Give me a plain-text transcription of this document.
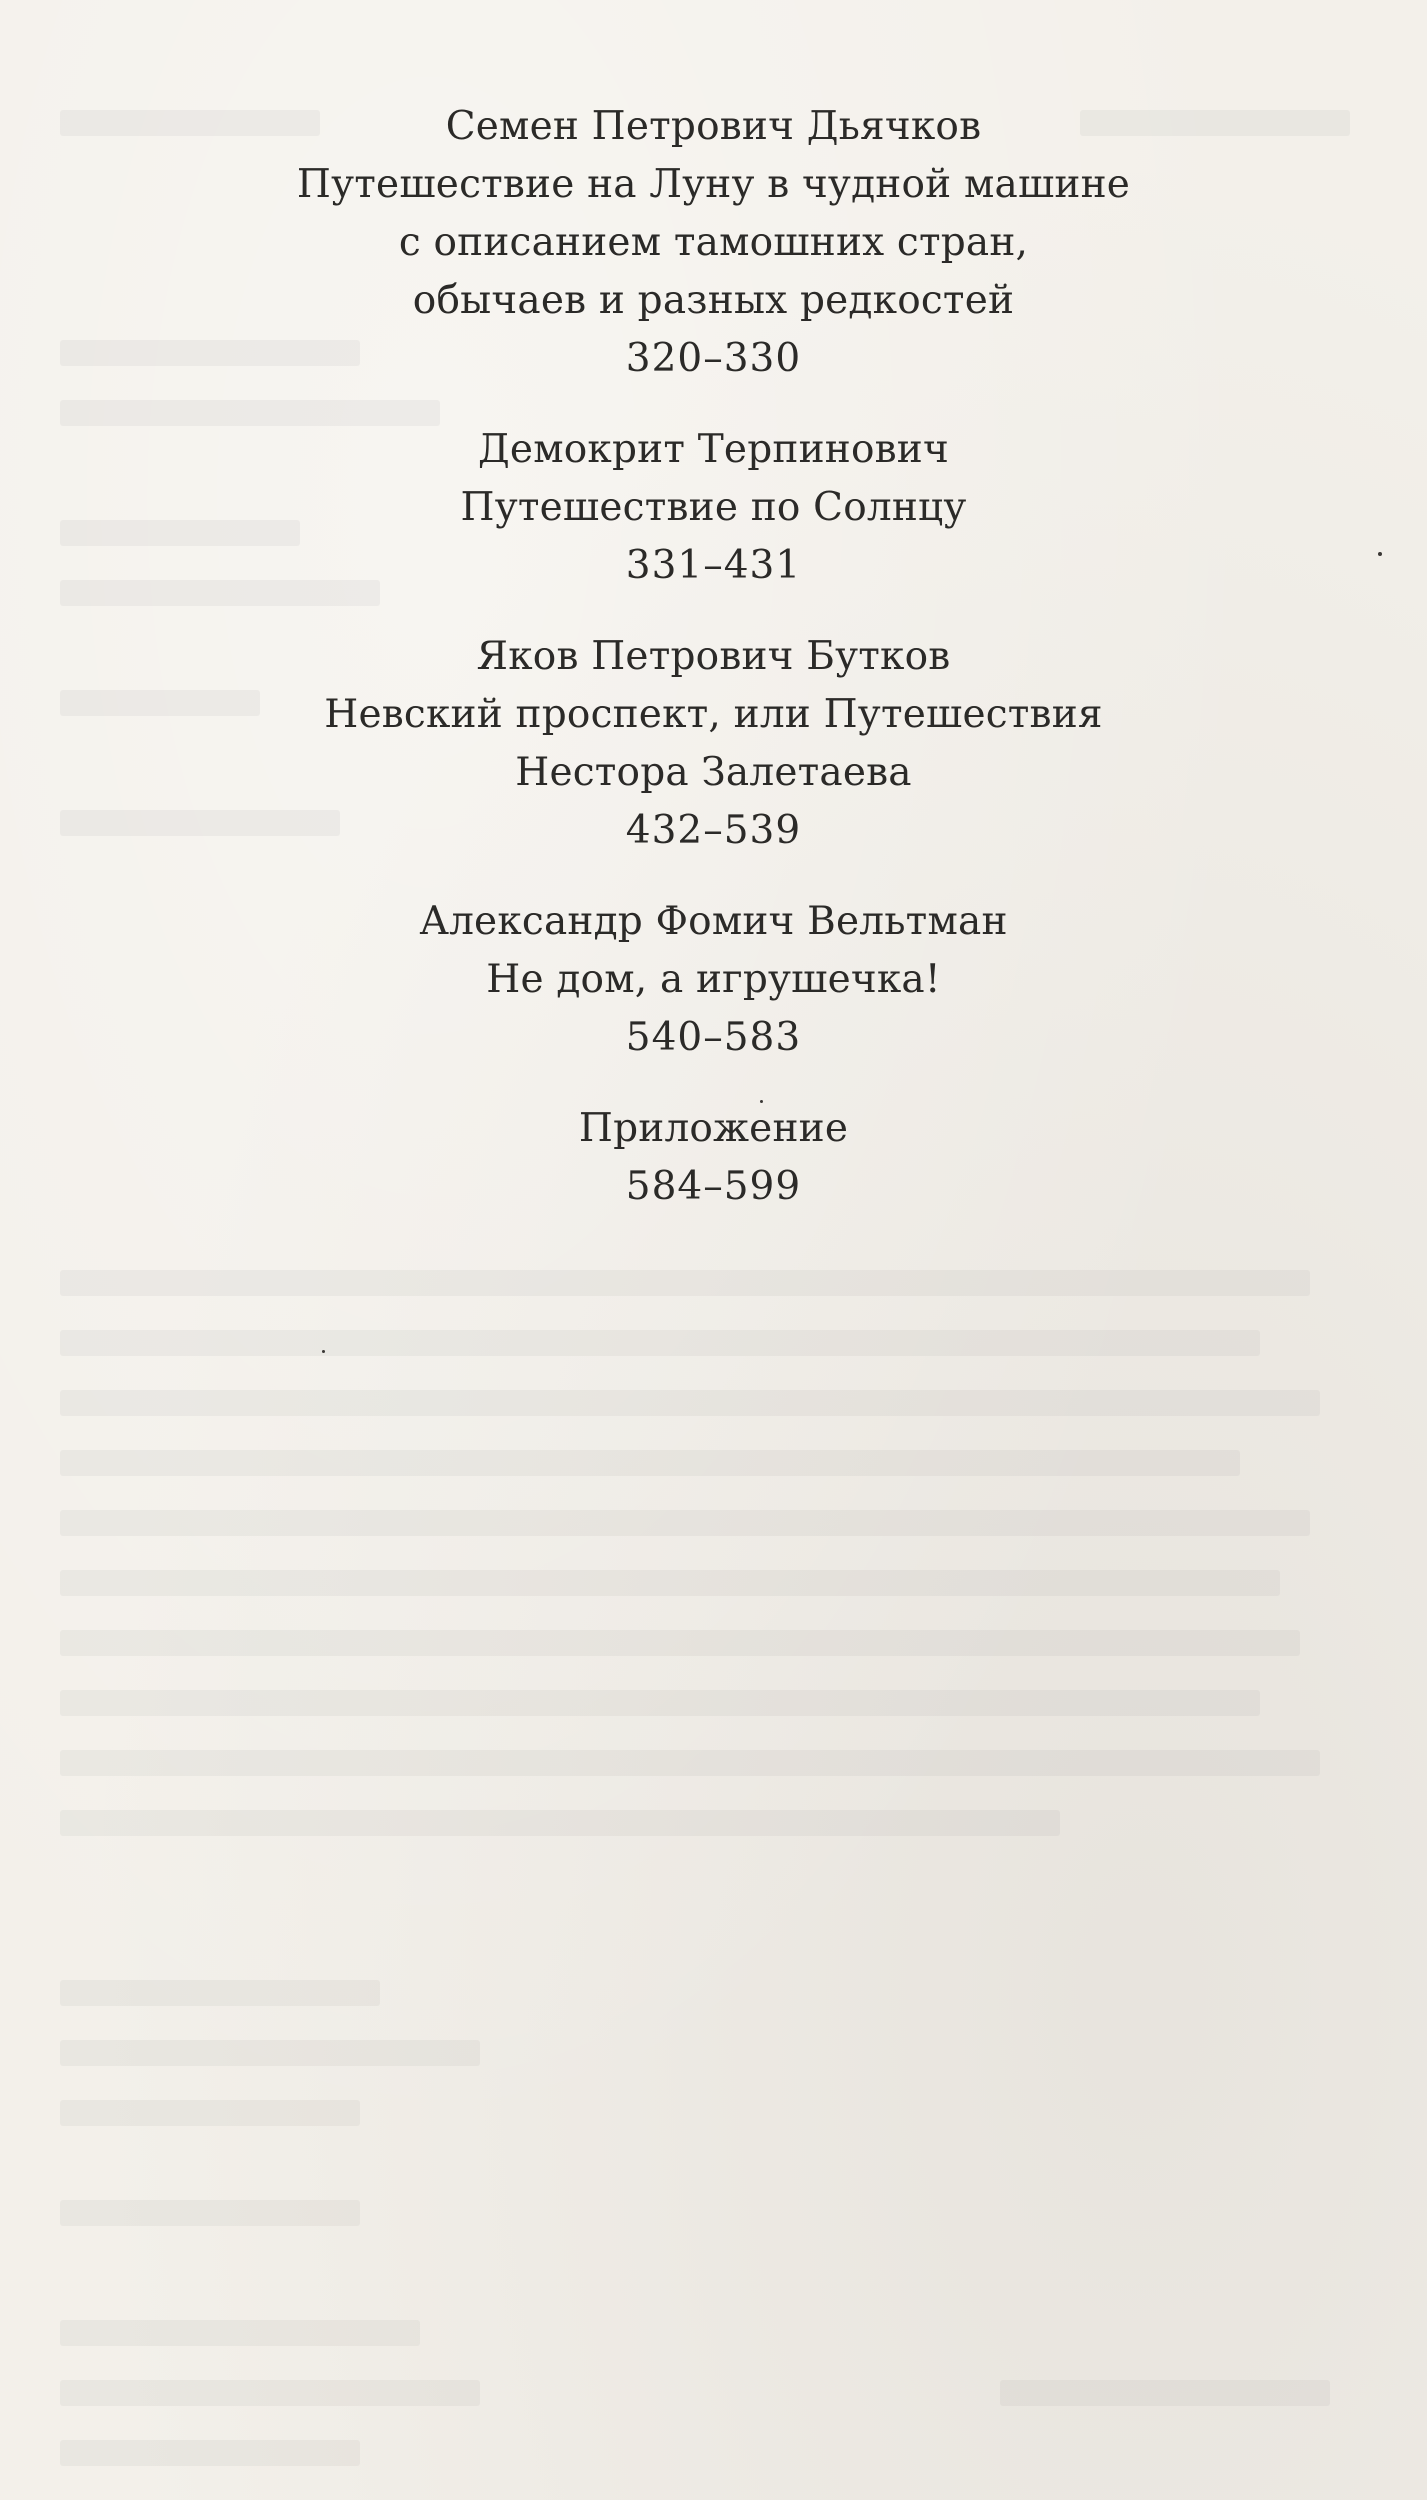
Семен Петрович Дьячков
Путешествие на Луну в чудной машине
с описанием тамошних стран,
обычаев и разных редкостей
320–330
Демокрит Терпинович
Путешествие по Солнцу
331–431
Яков Петрович Бутков
Невский проспект, или Путешествия
Нестора Залетаева
432–539
Александр Фомич Вельтман
Не дом, а игрушечка!
540–583
Приложение
584–599
